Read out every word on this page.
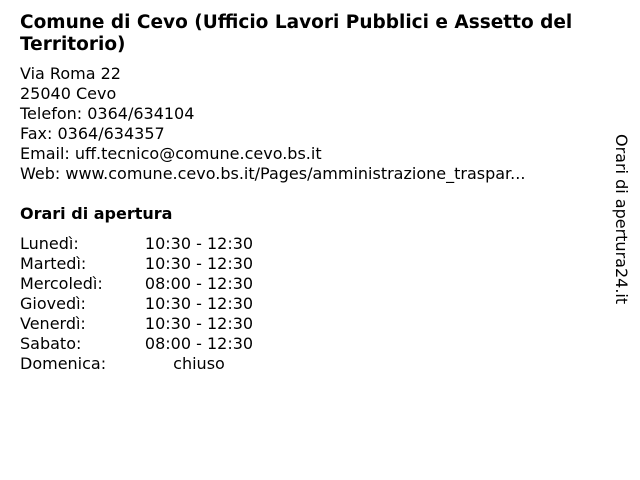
Comune di Cevo (Ufficio Lavori Pubblici e Assetto del Territorio)
Via Roma 22
25040 Cevo
Telefon: 0364/634104
Fax: 0364/634357
Email: uff.tecnico@comune.cevo.bs.it
Web: www.comune.cevo.bs.it/Pages/amministrazione_traspar...
Orari di apertura
Lunedì:	10:30 - 12:30
Martedì:	10:30 - 12:30
Mercoledì:	08:00 - 12:30
Giovedì:	10:30 - 12:30
Venerdì:	10:30 - 12:30
Sabato:	08:00 - 12:30
Domenica:	chiuso
Orari di apertura24.it
